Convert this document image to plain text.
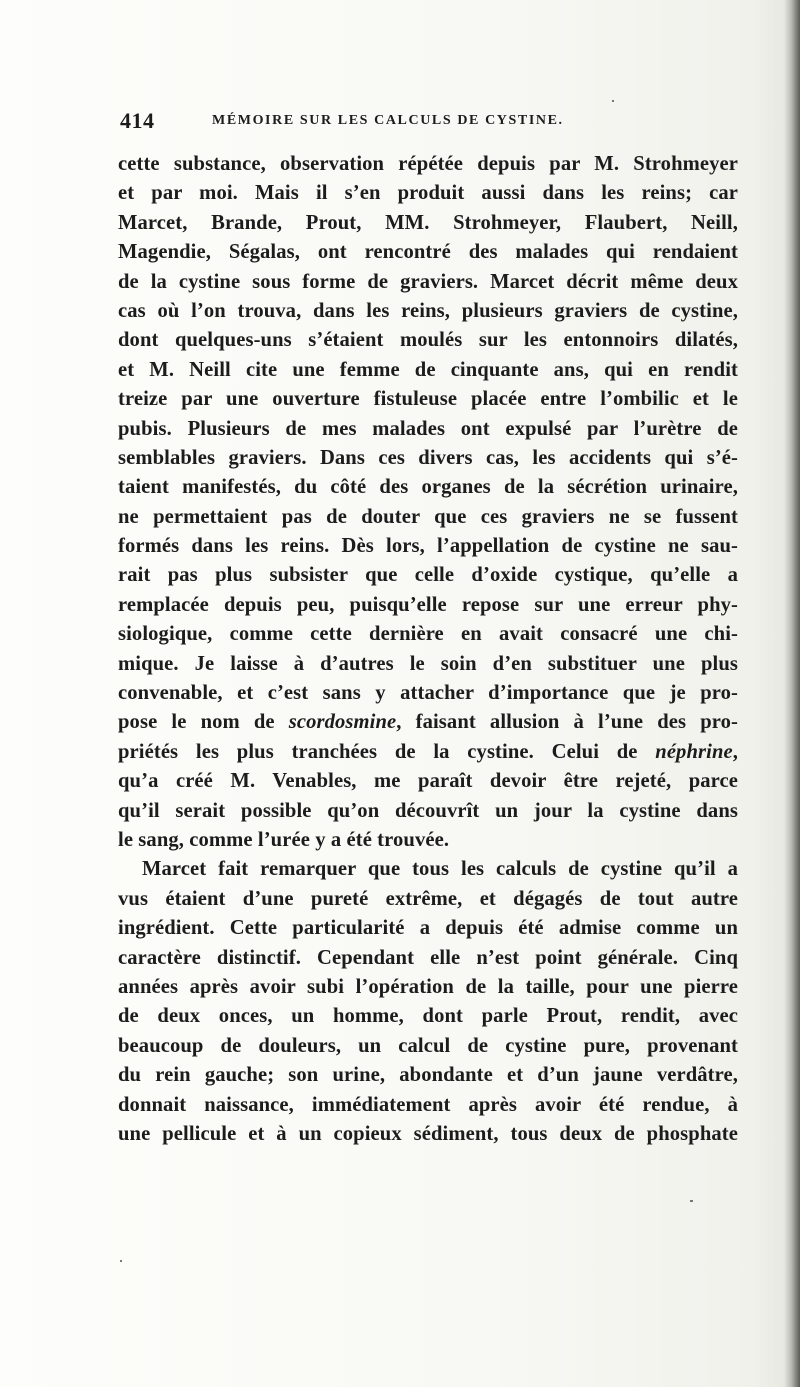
414	MÉMOIRE SUR LES CALCULS DE CYSTINE.
cette substance, observation répétée depuis par M. Strohmeyer
et par moi. Mais il s’en produit aussi dans les reins; car
Marcet, Brande, Prout, MM. Strohmeyer, Flaubert, Neill,
Magendie, Ségalas, ont rencontré des malades qui rendaient
de la cystine sous forme de graviers. Marcet décrit même deux
cas où l’on trouva, dans les reins, plusieurs graviers de cystine,
dont quelques-uns s’étaient moulés sur les entonnoirs dilatés,
et M. Neill cite une femme de cinquante ans, qui en rendit
treize par une ouverture fistuleuse placée entre l’ombilic et le
pubis. Plusieurs de mes malades ont expulsé par l’urètre de
semblables graviers. Dans ces divers cas, les accidents qui s’é-
taient manifestés, du côté des organes de la sécrétion urinaire,
ne permettaient pas de douter que ces graviers ne se fussent
formés dans les reins. Dès lors, l’appellation de cystine ne sau-
rait pas plus subsister que celle d’oxide cystique, qu’elle a
remplacée depuis peu, puisqu’elle repose sur une erreur phy-
siologique, comme cette dernière en avait consacré une chi-
mique. Je laisse à d’autres le soin d’en substituer une plus
convenable, et c’est sans y attacher d’importance que je pro-
pose le nom de scordosmine, faisant allusion à l’une des pro-
priétés les plus tranchées de la cystine. Celui de néphrine,
qu’a créé M. Venables, me paraît devoir être rejeté, parce
qu’il serait possible qu’on découvrît un jour la cystine dans
le sang, comme l’urée y a été trouvée.
Marcet fait remarquer que tous les calculs de cystine qu’il a
vus étaient d’une pureté extrême, et dégagés de tout autre
ingrédient. Cette particularité a depuis été admise comme un
caractère distinctif. Cependant elle n’est point générale. Cinq
années après avoir subi l’opération de la taille, pour une pierre
de deux onces, un homme, dont parle Prout, rendit, avec
beaucoup de douleurs, un calcul de cystine pure, provenant
du rein gauche; son urine, abondante et d’un jaune verdâtre,
donnait naissance, immédiatement après avoir été rendue, à
une pellicule et à un copieux sédiment, tous deux de phosphate
